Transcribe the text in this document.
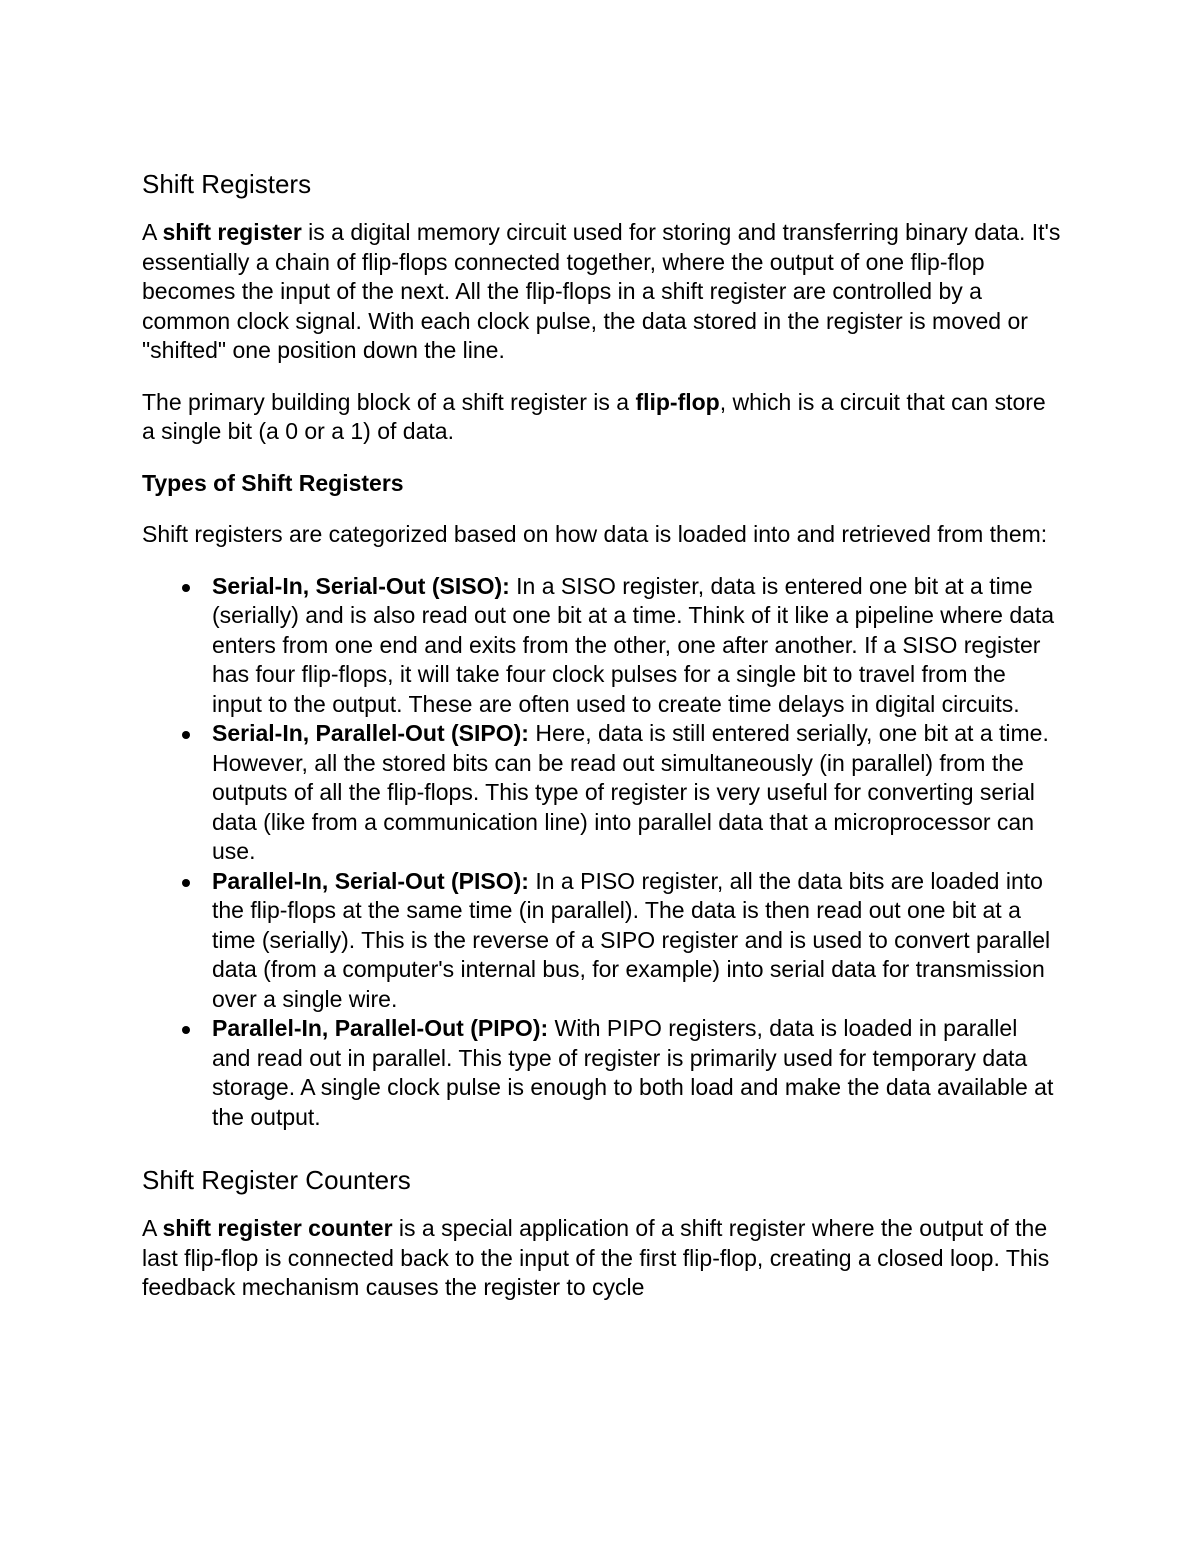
Shift Registers

A shift register is a digital memory circuit used for storing and transferring binary data. It's essentially a chain of flip-flops connected together, where the output of one flip-flop becomes the input of the next. All the flip-flops in a shift register are controlled by a common clock signal. With each clock pulse, the data stored in the register is moved or "shifted" one position down the line.

The primary building block of a shift register is a flip-flop, which is a circuit that can store a single bit (a 0 or a 1) of data.

Types of Shift Registers

Shift registers are categorized based on how data is loaded into and retrieved from them:

Serial-In, Serial-Out (SISO): In a SISO register, data is entered one bit at a time (serially) and is also read out one bit at a time. Think of it like a pipeline where data enters from one end and exits from the other, one after another. If a SISO register has four flip-flops, it will take four clock pulses for a single bit to travel from the input to the output. These are often used to create time delays in digital circuits.
Serial-In, Parallel-Out (SIPO): Here, data is still entered serially, one bit at a time. However, all the stored bits can be read out simultaneously (in parallel) from the outputs of all the flip-flops. This type of register is very useful for converting serial data (like from a communication line) into parallel data that a microprocessor can use.
Parallel-In, Serial-Out (PISO): In a PISO register, all the data bits are loaded into the flip-flops at the same time (in parallel). The data is then read out one bit at a time (serially). This is the reverse of a SIPO register and is used to convert parallel data (from a computer's internal bus, for example) into serial data for transmission over a single wire.
Parallel-In, Parallel-Out (PIPO): With PIPO registers, data is loaded in parallel and read out in parallel. This type of register is primarily used for temporary data storage. A single clock pulse is enough to both load and make the data available at the output.
Shift Register Counters

A shift register counter is a special application of a shift register where the output of the last flip-flop is connected back to the input of the first flip-flop, creating a closed loop. This feedback mechanism causes the register to cycle
